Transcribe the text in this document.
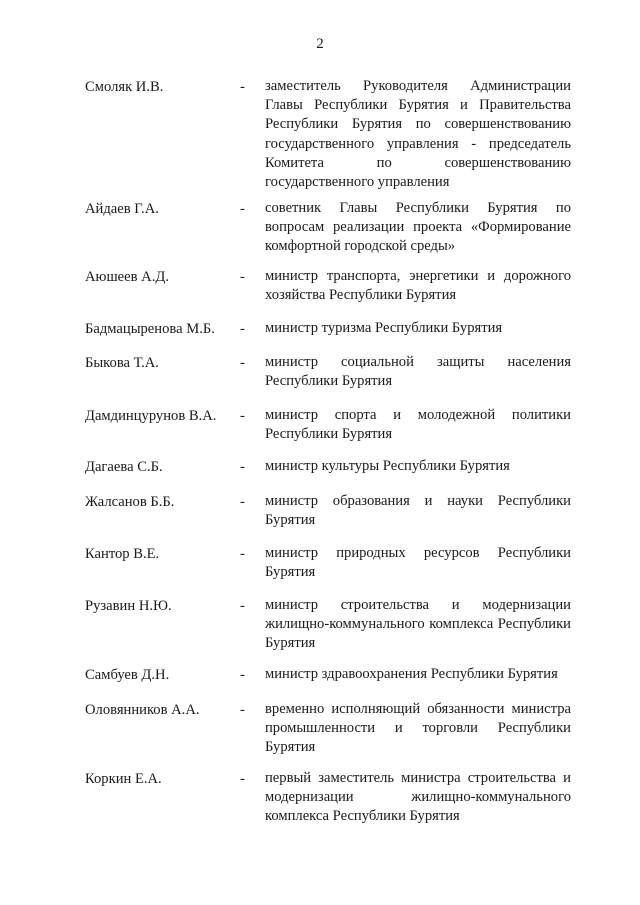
2
Смоляк И.В.	- заместитель Руководителя Администрации Главы Республики Бурятия и Правительства Республики Бурятия по совершенствованию государственного управления - председатель Комитета по совершенствованию государственного управления
Айдаев Г.А.	- советник Главы Республики Бурятия по вопросам реализации проекта «Формирование комфортной городской среды»
Аюшеев А.Д.	- министр транспорта, энергетики и дорожного хозяйства Республики Бурятия
Бадмацыренова М.Б. - министр туризма Республики Бурятия
Быкова Т.А.	- министр социальной защиты населения Республики Бурятия
Дамдинцурунов В.А. - министр спорта и молодежной политики Республики Бурятия
Дагаева С.Б.	- министр культуры Республики Бурятия
Жалсанов Б.Б.	- министр образования и науки Республики Бурятия
Кантор В.Е.	- министр природных ресурсов Республики Бурятия
Рузавин Н.Ю.	- министр строительства и модернизации жилищно-коммунального комплекса Республики Бурятия
Самбуев Д.Н.	- министр здравоохранения Республики Бурятия
Оловянников А.А.	- временно исполняющий обязанности министра промышленности и торговли Республики Бурятия
Коркин Е.А.	- первый заместитель министра строительства и модернизации жилищно-коммунального комплекса Республики Бурятия
